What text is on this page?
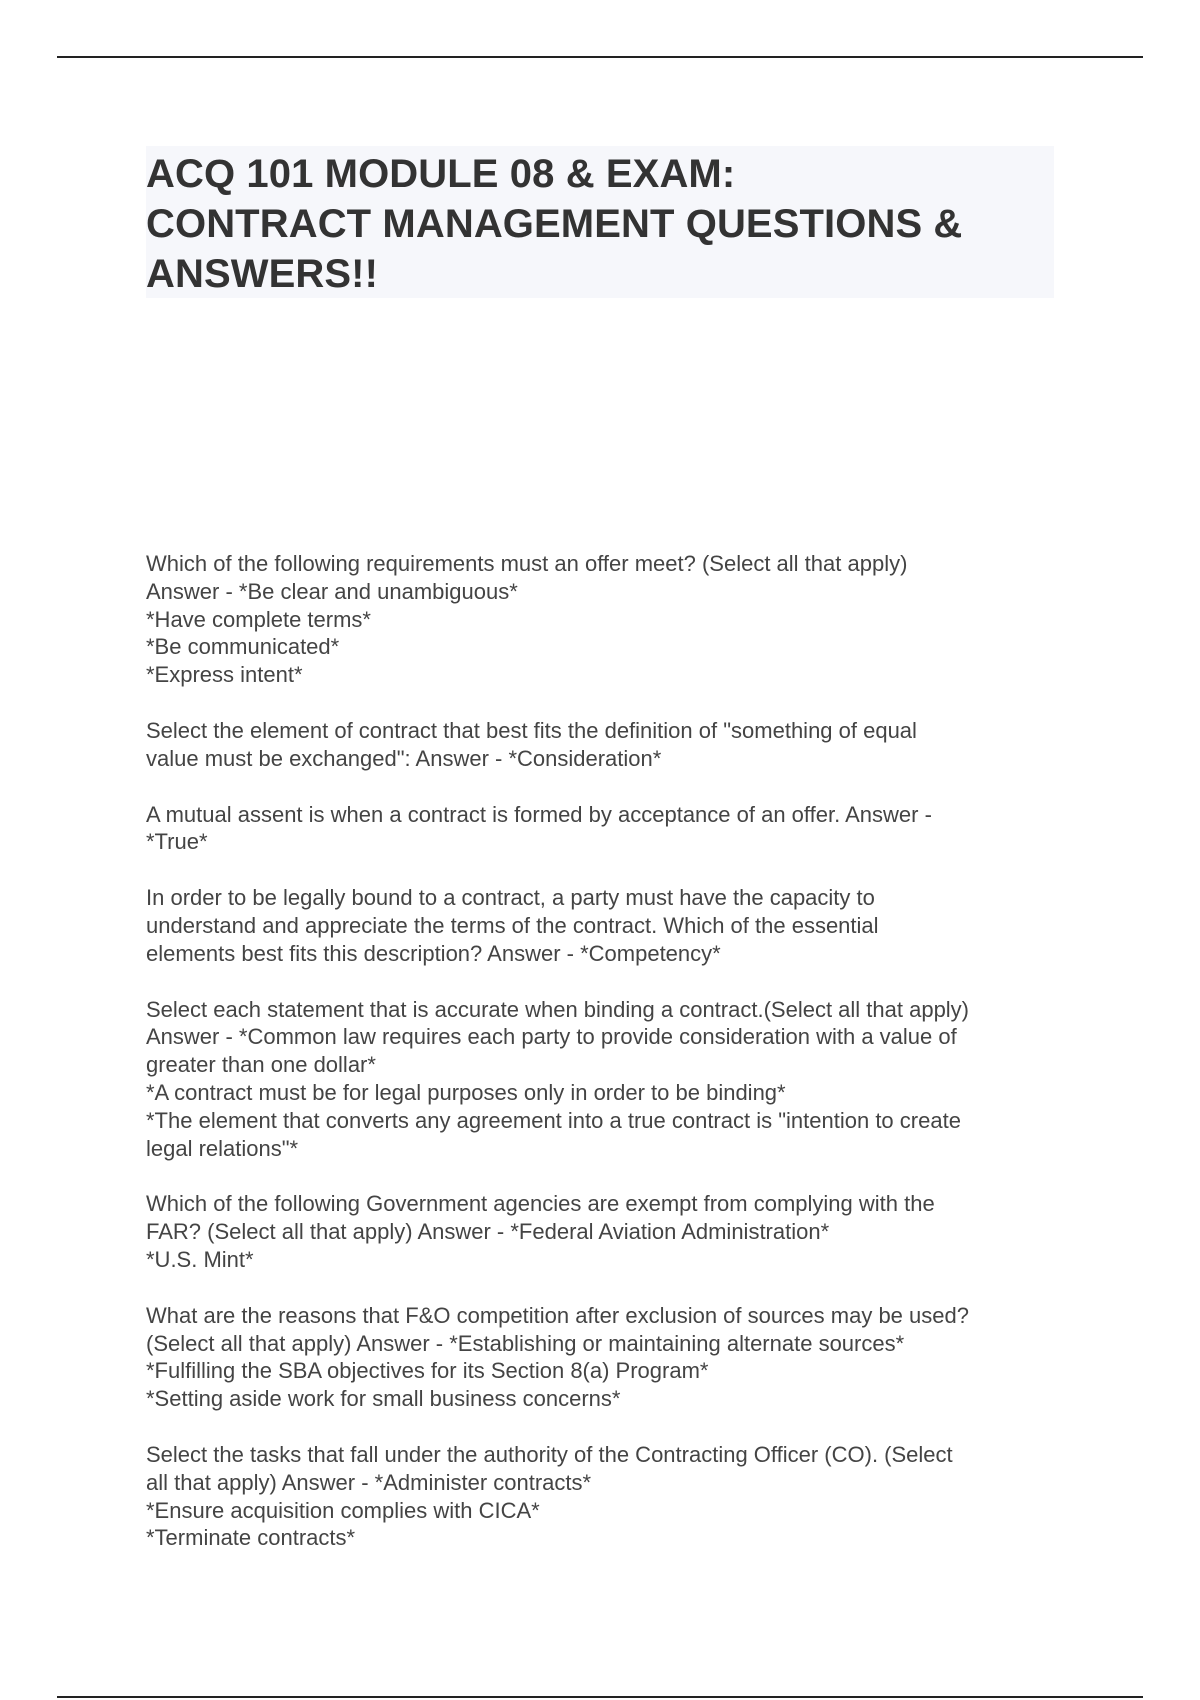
ACQ 101 MODULE 08 & EXAM:
CONTRACT MANAGEMENT QUESTIONS &
ANSWERS!!

Which of the following requirements must an offer meet? (Select all that apply)
Answer - *Be clear and unambiguous*
*Have complete terms*
*Be communicated*
*Express intent*

Select the element of contract that best fits the definition of "something of equal
value must be exchanged": Answer - *Consideration*

A mutual assent is when a contract is formed by acceptance of an offer. Answer -
*True*

In order to be legally bound to a contract, a party must have the capacity to
understand and appreciate the terms of the contract. Which of the essential
elements best fits this description? Answer - *Competency*

Select each statement that is accurate when binding a contract.(Select all that apply)
Answer - *Common law requires each party to provide consideration with a value of
greater than one dollar*
*A contract must be for legal purposes only in order to be binding*
*The element that converts any agreement into a true contract is "intention to create
legal relations"*

Which of the following Government agencies are exempt from complying with the
FAR? (Select all that apply) Answer - *Federal Aviation Administration*
*U.S. Mint*

What are the reasons that F&O competition after exclusion of sources may be used?
(Select all that apply) Answer - *Establishing or maintaining alternate sources*
*Fulfilling the SBA objectives for its Section 8(a) Program*
*Setting aside work for small business concerns*

Select the tasks that fall under the authority of the Contracting Officer (CO). (Select
all that apply) Answer - *Administer contracts*
*Ensure acquisition complies with CICA*
*Terminate contracts*
